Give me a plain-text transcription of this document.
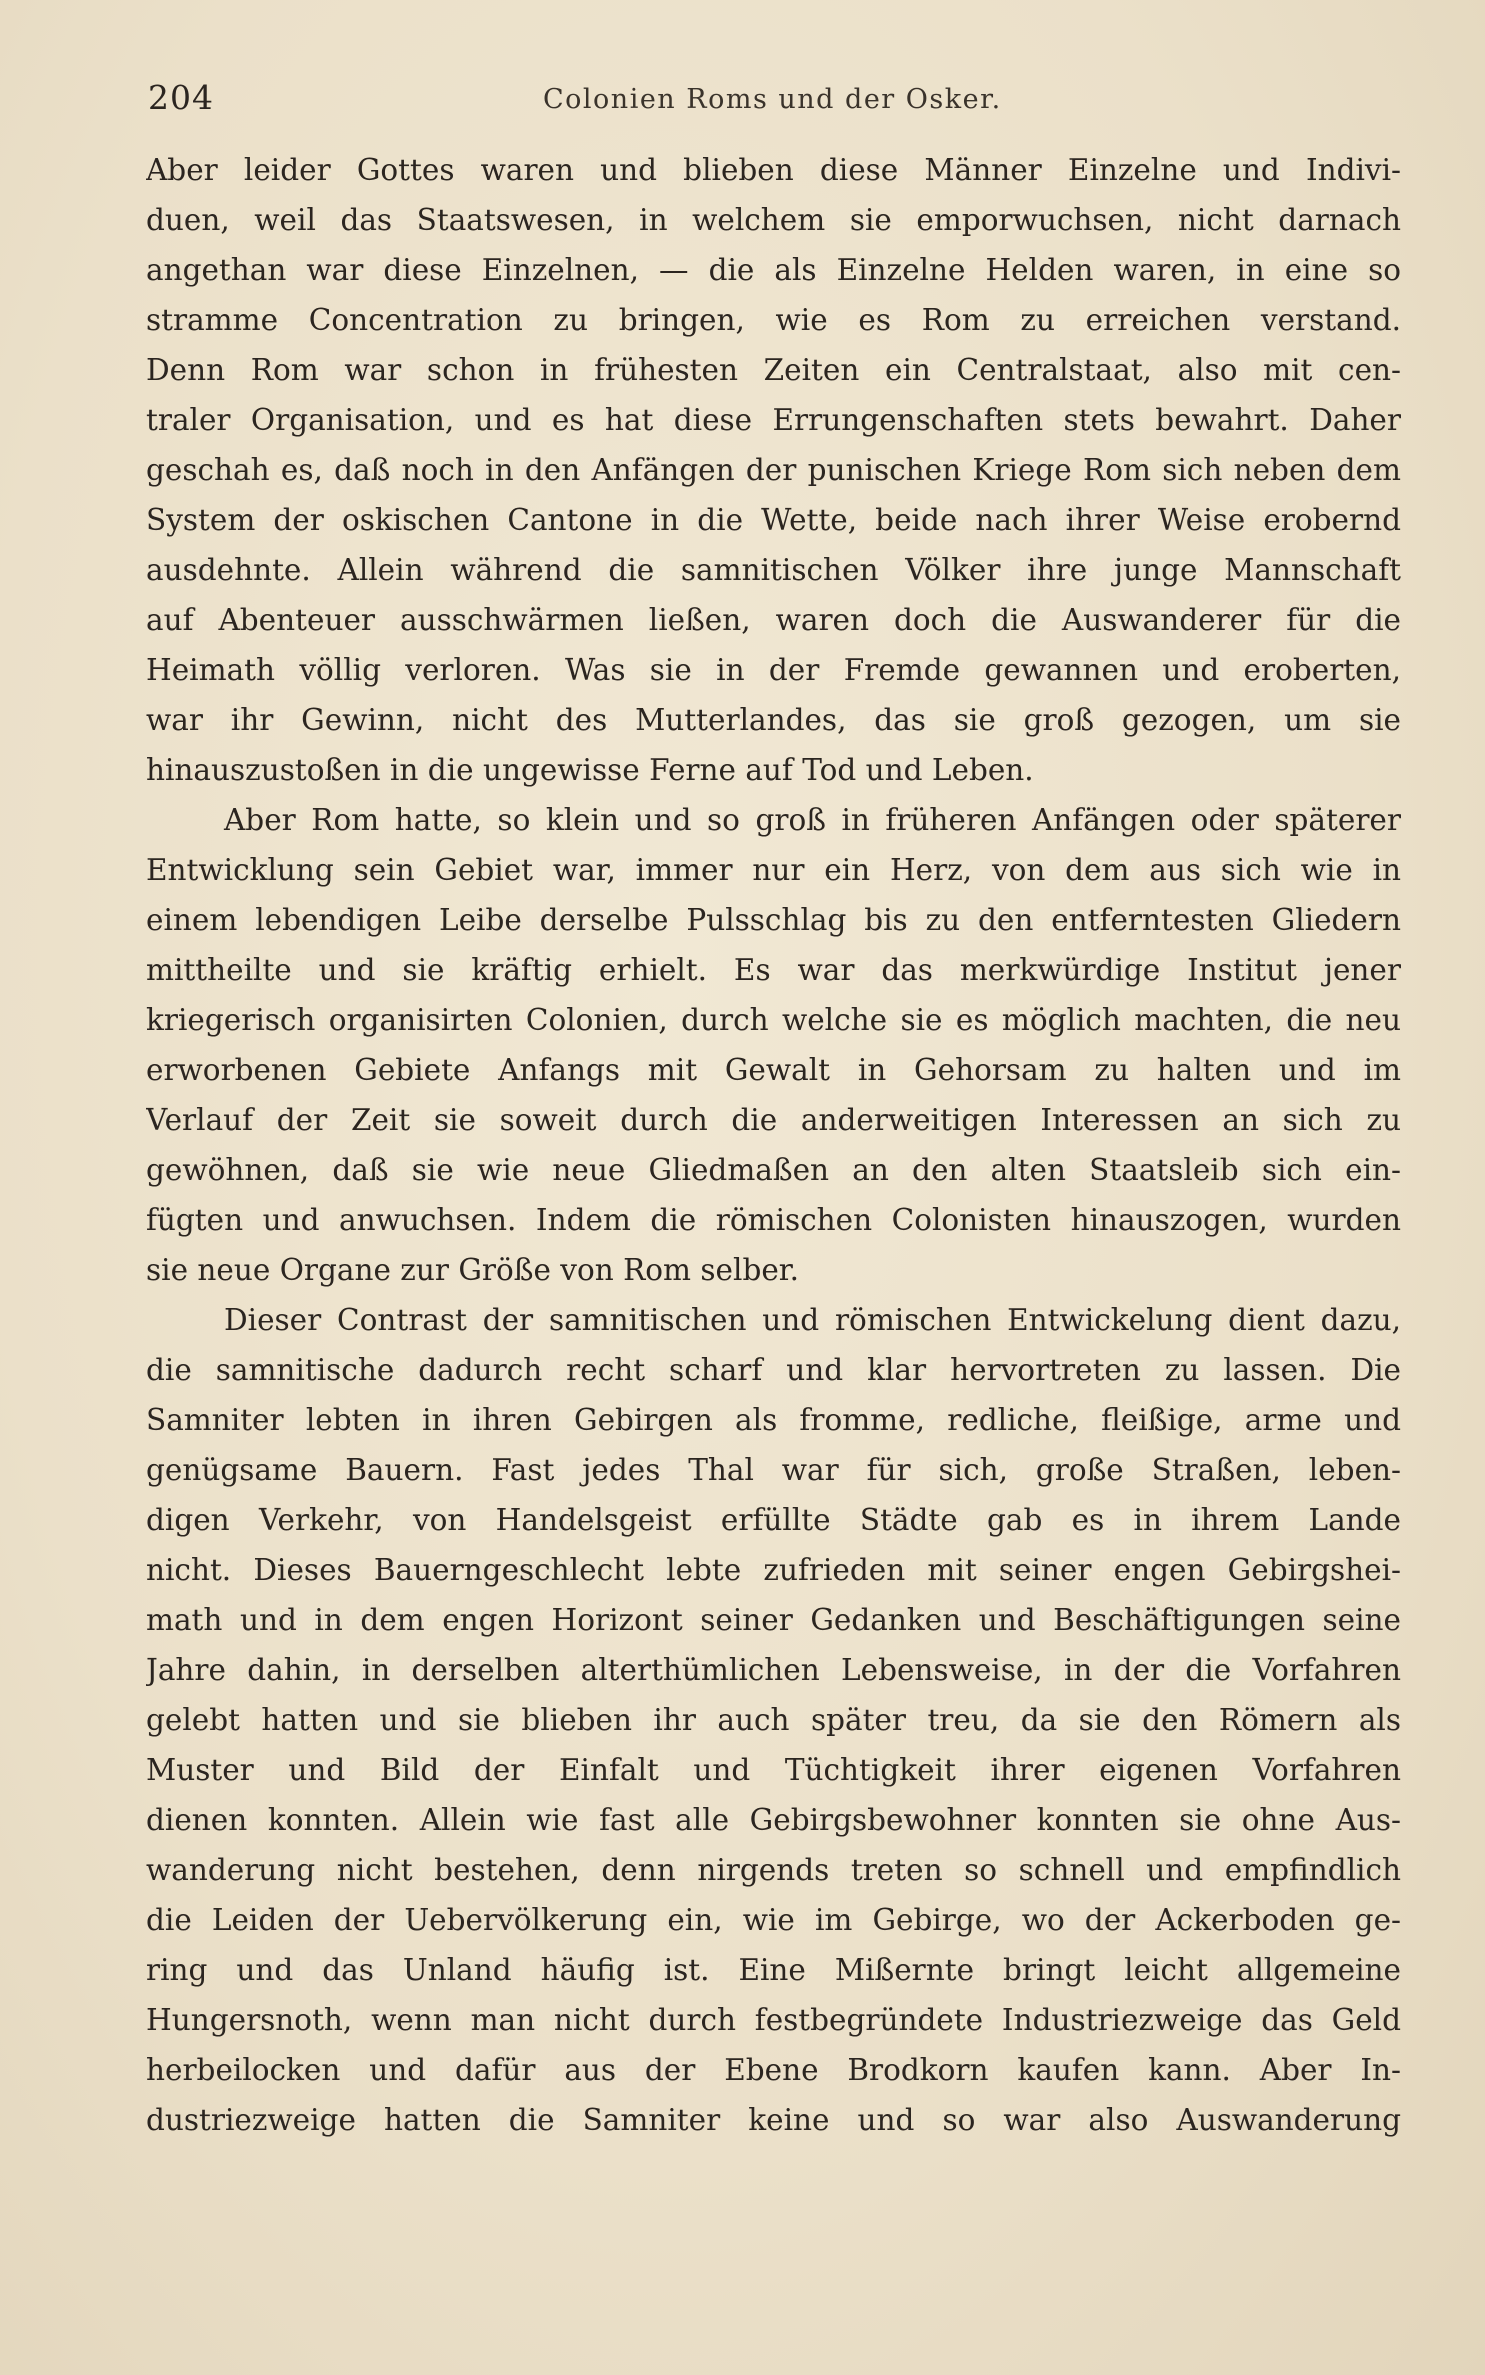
204	Colonien Roms und der Osker.
Aber leider Gottes waren und blieben diese Männer Einzelne und Indivi-
duen, weil das Staatswesen, in welchem sie emporwuchsen, nicht darnach
angethan war diese Einzelnen, — die als Einzelne Helden waren, in eine so
stramme Concentration zu bringen, wie es Rom zu erreichen verstand.
Denn Rom war schon in frühesten Zeiten ein Centralstaat, also mit cen-
traler Organisation, und es hat diese Errungenschaften stets bewahrt. Daher
geschah es, daß noch in den Anfängen der punischen Kriege Rom sich neben dem
System der oskischen Cantone in die Wette, beide nach ihrer Weise erobernd
ausdehnte. Allein während die samnitischen Völker ihre junge Mannschaft
auf Abenteuer ausschwärmen ließen, waren doch die Auswanderer für die
Heimath völlig verloren. Was sie in der Fremde gewannen und eroberten,
war ihr Gewinn, nicht des Mutterlandes, das sie groß gezogen, um sie
hinauszustoßen in die ungewisse Ferne auf Tod und Leben.
Aber Rom hatte, so klein und so groß in früheren Anfängen oder späterer
Entwicklung sein Gebiet war, immer nur ein Herz, von dem aus sich wie in
einem lebendigen Leibe derselbe Pulsschlag bis zu den entferntesten Gliedern
mittheilte und sie kräftig erhielt. Es war das merkwürdige Institut jener
kriegerisch organisirten Colonien, durch welche sie es möglich machten, die neu
erworbenen Gebiete Anfangs mit Gewalt in Gehorsam zu halten und im
Verlauf der Zeit sie soweit durch die anderweitigen Interessen an sich zu
gewöhnen, daß sie wie neue Gliedmaßen an den alten Staatsleib sich ein-
fügten und anwuchsen. Indem die römischen Colonisten hinauszogen, wurden
sie neue Organe zur Größe von Rom selber.
Dieser Contrast der samnitischen und römischen Entwickelung dient dazu,
die samnitische dadurch recht scharf und klar hervortreten zu lassen. Die
Samniter lebten in ihren Gebirgen als fromme, redliche, fleißige, arme und
genügsame Bauern. Fast jedes Thal war für sich, große Straßen, leben-
digen Verkehr, von Handelsgeist erfüllte Städte gab es in ihrem Lande
nicht. Dieses Bauerngeschlecht lebte zufrieden mit seiner engen Gebirgshei-
math und in dem engen Horizont seiner Gedanken und Beschäftigungen seine
Jahre dahin, in derselben alterthümlichen Lebensweise, in der die Vorfahren
gelebt hatten und sie blieben ihr auch später treu, da sie den Römern als
Muster und Bild der Einfalt und Tüchtigkeit ihrer eigenen Vorfahren
dienen konnten. Allein wie fast alle Gebirgsbewohner konnten sie ohne Aus-
wanderung nicht bestehen, denn nirgends treten so schnell und empfindlich
die Leiden der Uebervölkerung ein, wie im Gebirge, wo der Ackerboden ge-
ring und das Unland häufig ist. Eine Mißernte bringt leicht allgemeine
Hungersnoth, wenn man nicht durch festbegründete Industriezweige das Geld
herbeilocken und dafür aus der Ebene Brodkorn kaufen kann. Aber In-
dustriezweige hatten die Samniter keine und so war also Auswanderung
